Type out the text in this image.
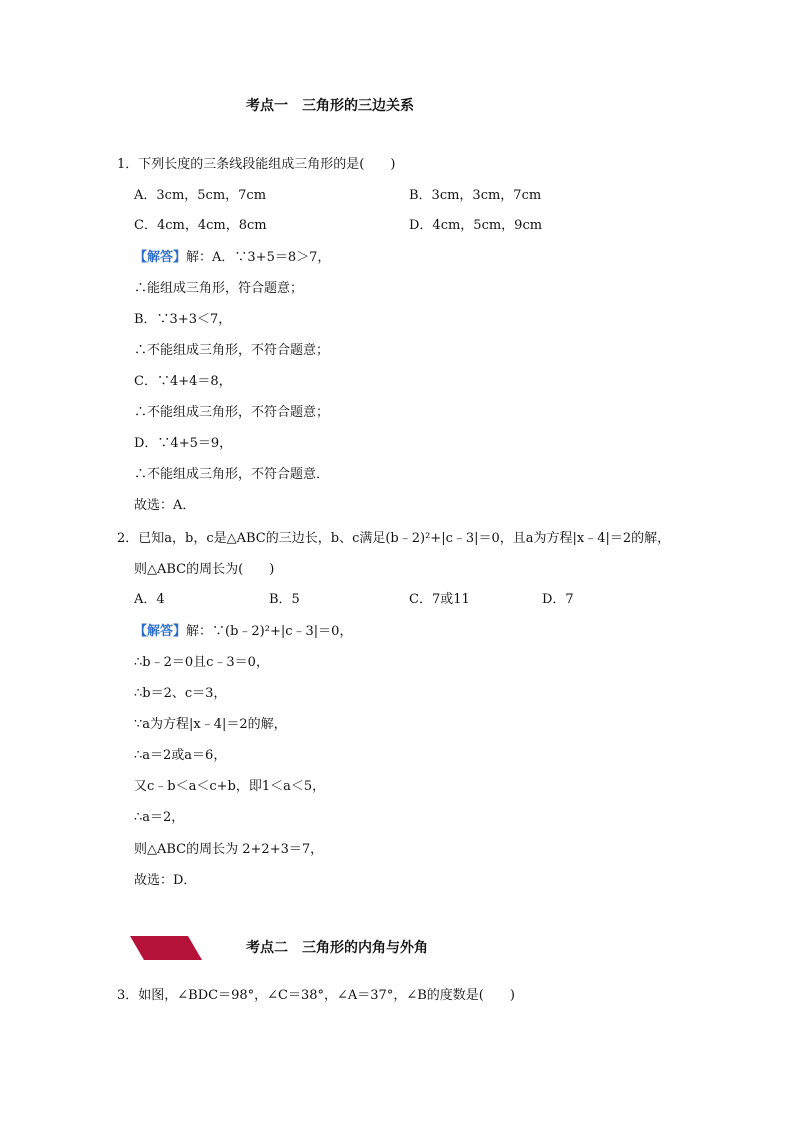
考点一　三角形的三边关系
1．下列长度的三条线段能组成三角形的是(　　)
A．3cm，5cm，7cm	B．3cm，3cm，7cm
C．4cm，4cm，8cm	D．4cm，5cm，9cm
【解答】解：A．∵3+5＝8＞7，
∴能组成三角形，符合题意；
B．∵3+3＜7，
∴不能组成三角形，不符合题意；
C．∵4+4＝8，
∴不能组成三角形，不符合题意；
D．∵4+5＝9，
∴不能组成三角形，不符合题意．
故选：A．
2．已知a，b，c是△ABC的三边长，b、c满足(b﹣2)²+|c﹣3|＝0，且a为方程|x﹣4|＝2的解，
则△ABC的周长为(　　)
A．4	B．5	C．7或11	D．7
【解答】解：∵(b﹣2)²+|c﹣3|＝0，
∴b﹣2＝0且c﹣3＝0，
∴b＝2、c＝3，
∵a为方程|x﹣4|＝2的解，
∴a＝2或a＝6，
又c﹣b＜a＜c+b，即1＜a＜5，
∴a＝2，
则△ABC的周长为 2+2+3＝7，
故选：D．
考点二　三角形的内角与外角
3．如图，∠BDC＝98°，∠C＝38°，∠A＝37°，∠B的度数是(　　)
